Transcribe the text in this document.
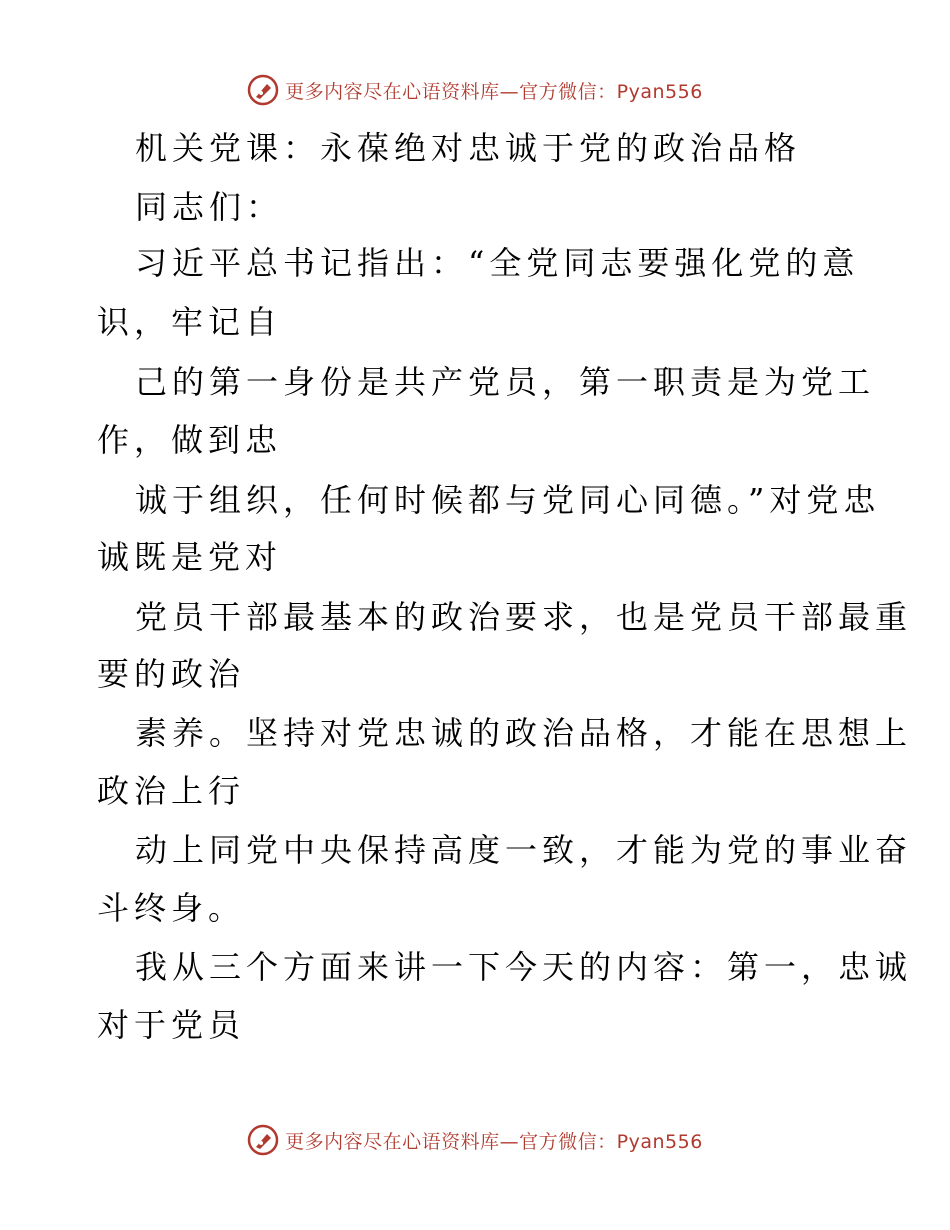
更多内容尽在心语资料库—官方微信：Pyan556
机关党课：永葆绝对忠诚于党的政治品格
同志们：
习近平总书记指出：“全党同志要强化党的意
识，牢记自
己的第一身份是共产党员，第一职责是为党工
作，做到忠
诚于组织，任何时候都与党同心同德。”对党忠
诚既是党对
党员干部最基本的政治要求，也是党员干部最重
要的政治
素养。坚持对党忠诚的政治品格，才能在思想上
政治上行
动上同党中央保持高度一致，才能为党的事业奋
斗终身。
我从三个方面来讲一下今天的内容：第一，忠诚
对于党员
更多内容尽在心语资料库—官方微信：Pyan556
